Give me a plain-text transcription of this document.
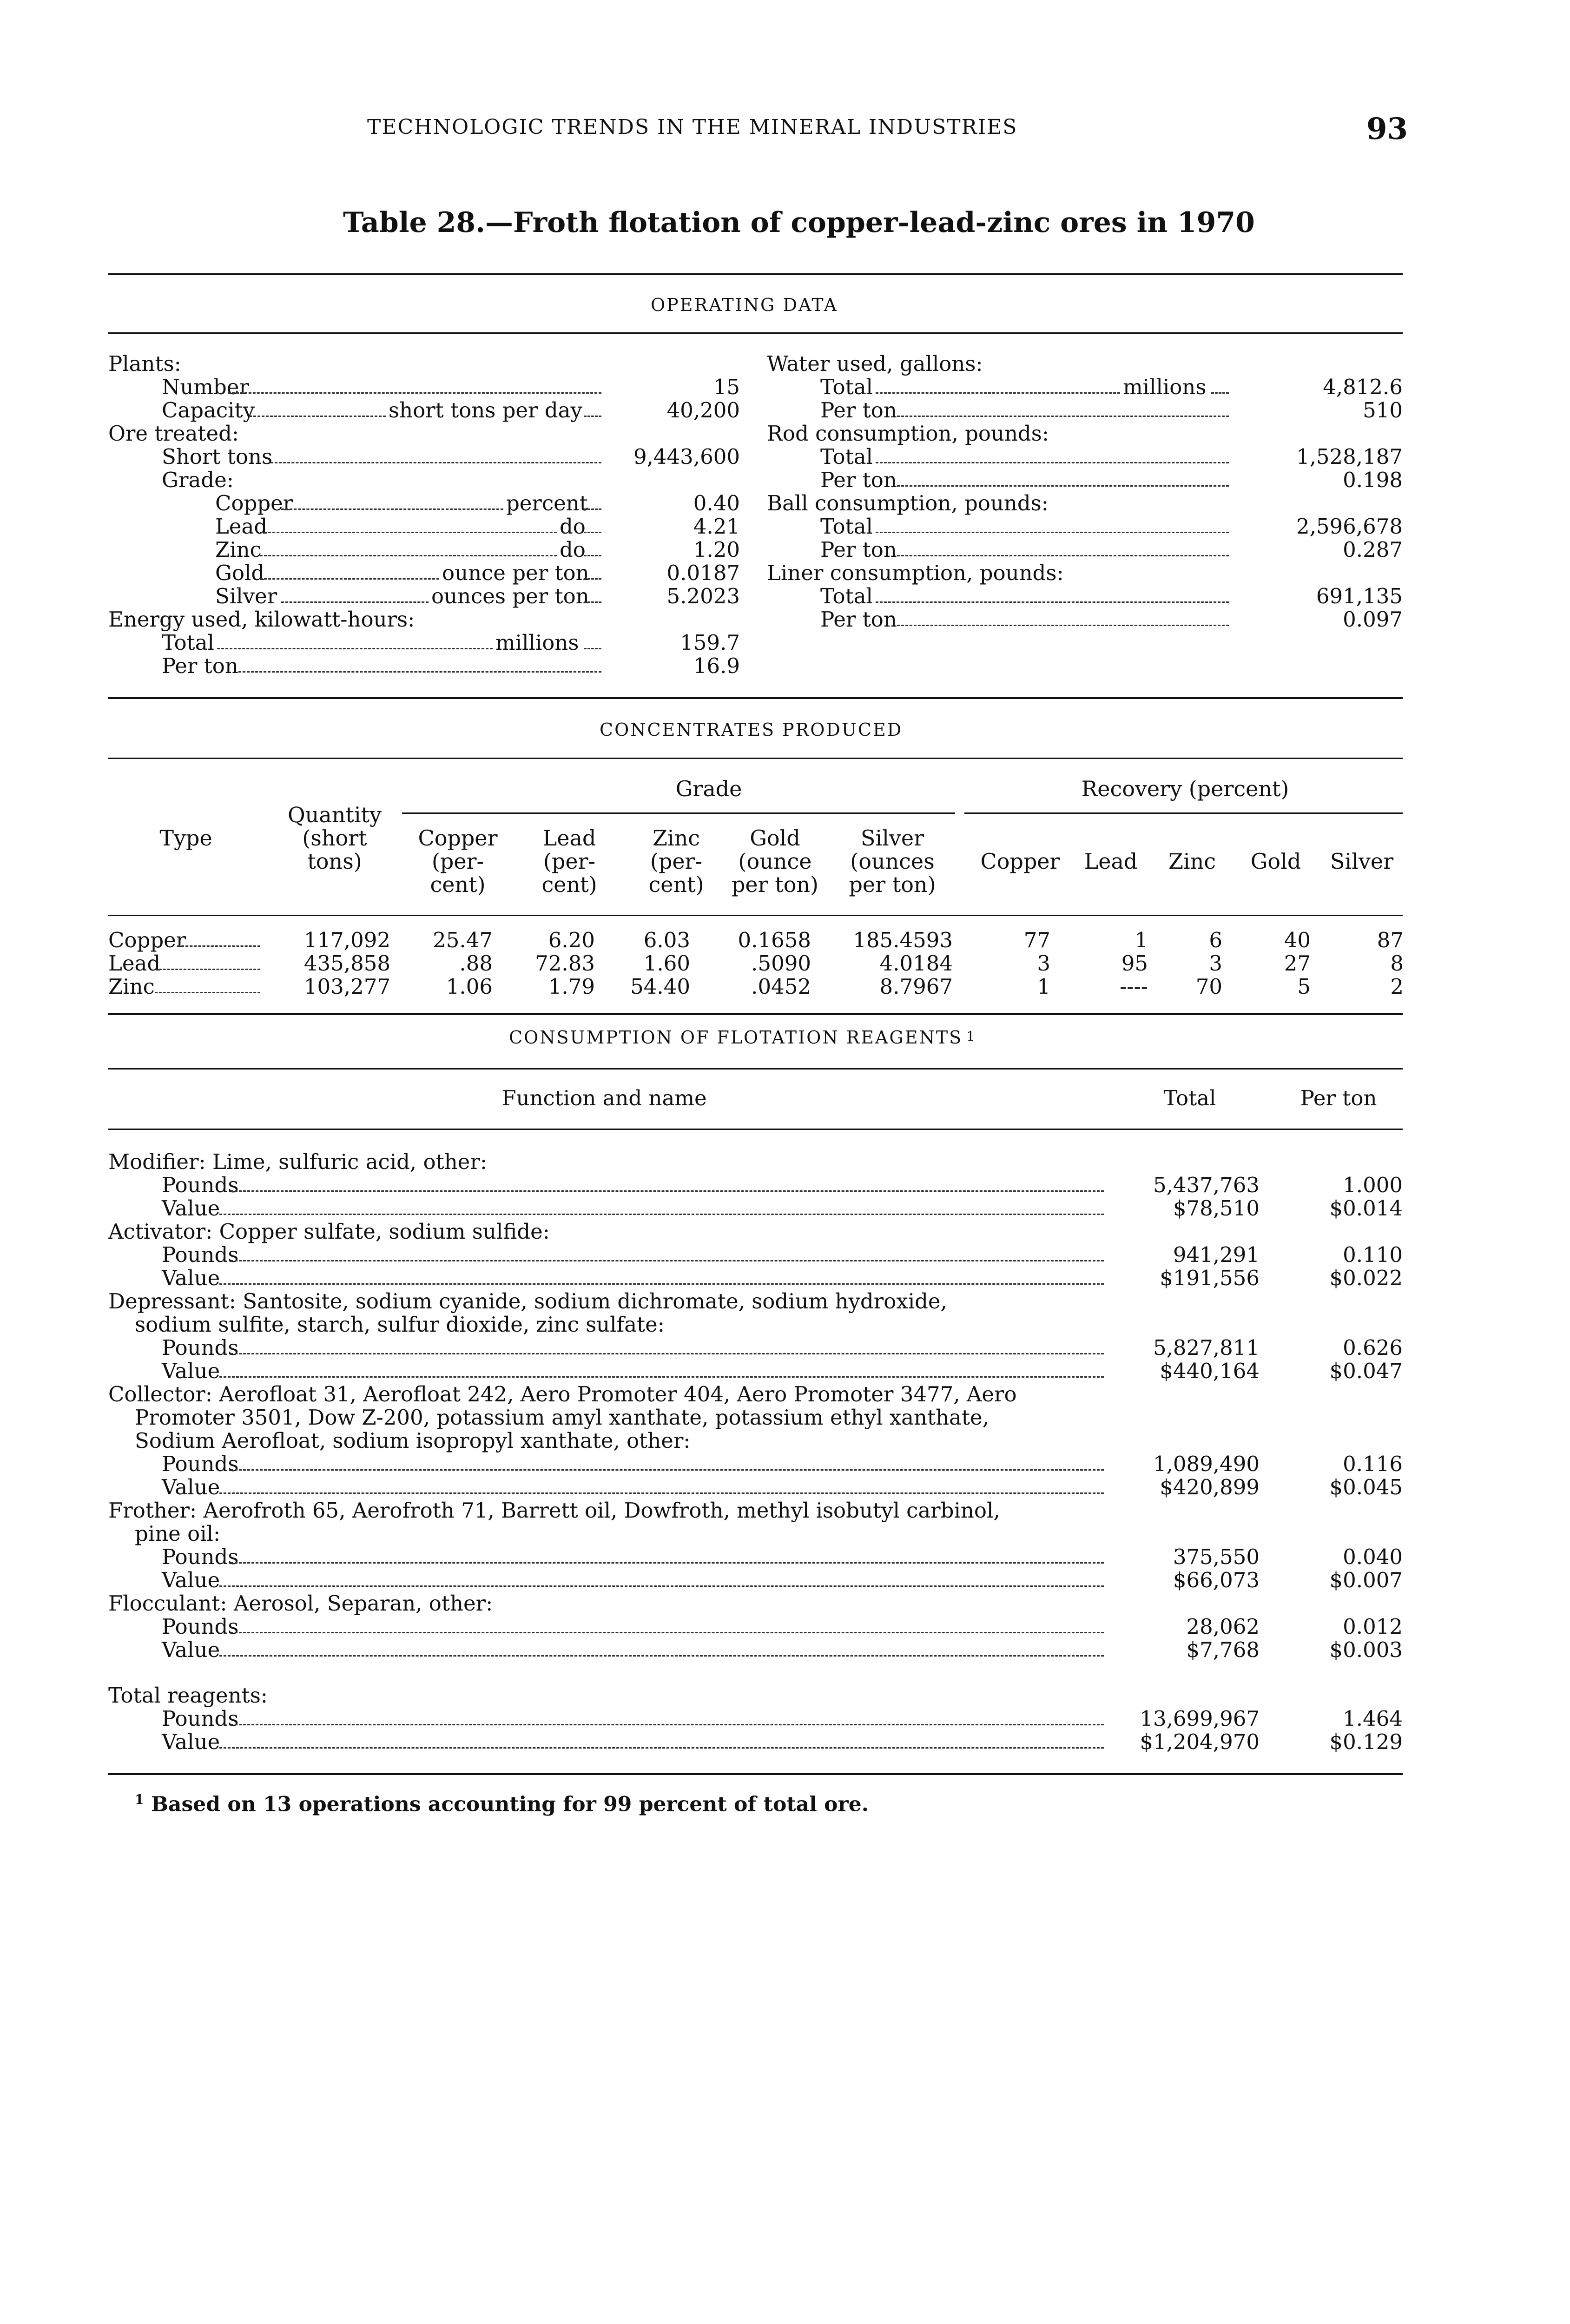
TECHNOLOGIC TRENDS IN THE MINERAL INDUSTRIES	93
Table 28.—Froth flotation of copper-lead-zinc ores in 1970
OPERATING DATA
Plants:
Number	15
Capacity	short tons per day	40,200
Ore treated:
Short tons	9,443,600
Grade:
Copper	percent	0.40
Lead	do	4.21
Zinc	do	1.20
Gold	ounce per ton	0.0187
Silver	ounces per ton	5.2023
Energy used, kilowatt-hours:
Total	millions	159.7
Per ton	16.9
Water used, gallons:
Total	millions	4,812.6
Per ton	510
Rod consumption, pounds:
Total	1,528,187
Per ton	0.198
Ball consumption, pounds:
Total	2,596,678
Per ton	0.287
Liner consumption, pounds:
Total	691,135
Per ton	0.097
CONCENTRATES PRODUCED
Grade	Recovery (percent)
Type
Quantity (short tons)
Copper (per- cent)
Lead (per- cent)
Zinc (per- cent)
Gold (ounce per ton)
Silver (ounces per ton)
Copper	Lead	Zinc	Gold	Silver
Copper	117,092	25.47	6.20	6.03	0.1658	185.4593	77	1	6	40	87
Lead	435,858	.88	72.83	1.60	.5090	4.0184	3	95	3	27	8
Zinc	103,277	1.06	1.79	54.40	.0452	8.7967	1	----	70	5	2
CONSUMPTION OF FLOTATION REAGENTS $^1$
Function and name	Total	Per ton
Modifier: Lime, sulfuric acid, other:
Pounds	5,437,763	1.000
Value	$78,510	$0.014
Activator: Copper sulfate, sodium sulfide:
Pounds	941,291	0.110
Value	$191,556	$0.022
Depressant: Santosite, sodium cyanide, sodium dichromate, sodium hydroxide,
sodium sulfite, starch, sulfur dioxide, zinc sulfate:
Pounds	5,827,811	0.626
Value	$440,164	$0.047
Collector: Aerofloat 31, Aerofloat 242, Aero Promoter 404, Aero Promoter 3477, Aero
Promoter 3501, Dow Z-200, potassium amyl xanthate, potassium ethyl xanthate,
Sodium Aerofloat, sodium isopropyl xanthate, other:
Pounds	1,089,490	0.116
Value	$420,899	$0.045
Frother: Aerofroth 65, Aerofroth 71, Barrett oil, Dowfroth, methyl isobutyl carbinol,
pine oil:
Pounds	375,550	0.040
Value	$66,073	$0.007
Flocculant: Aerosol, Separan, other:
Pounds	28,062	0.012
Value	$7,768	$0.003
Total reagents:
Pounds	13,699,967	1.464
Value	$1,204,970	$0.129
$^1$ Based on 13 operations accounting for 99 percent of total ore.
